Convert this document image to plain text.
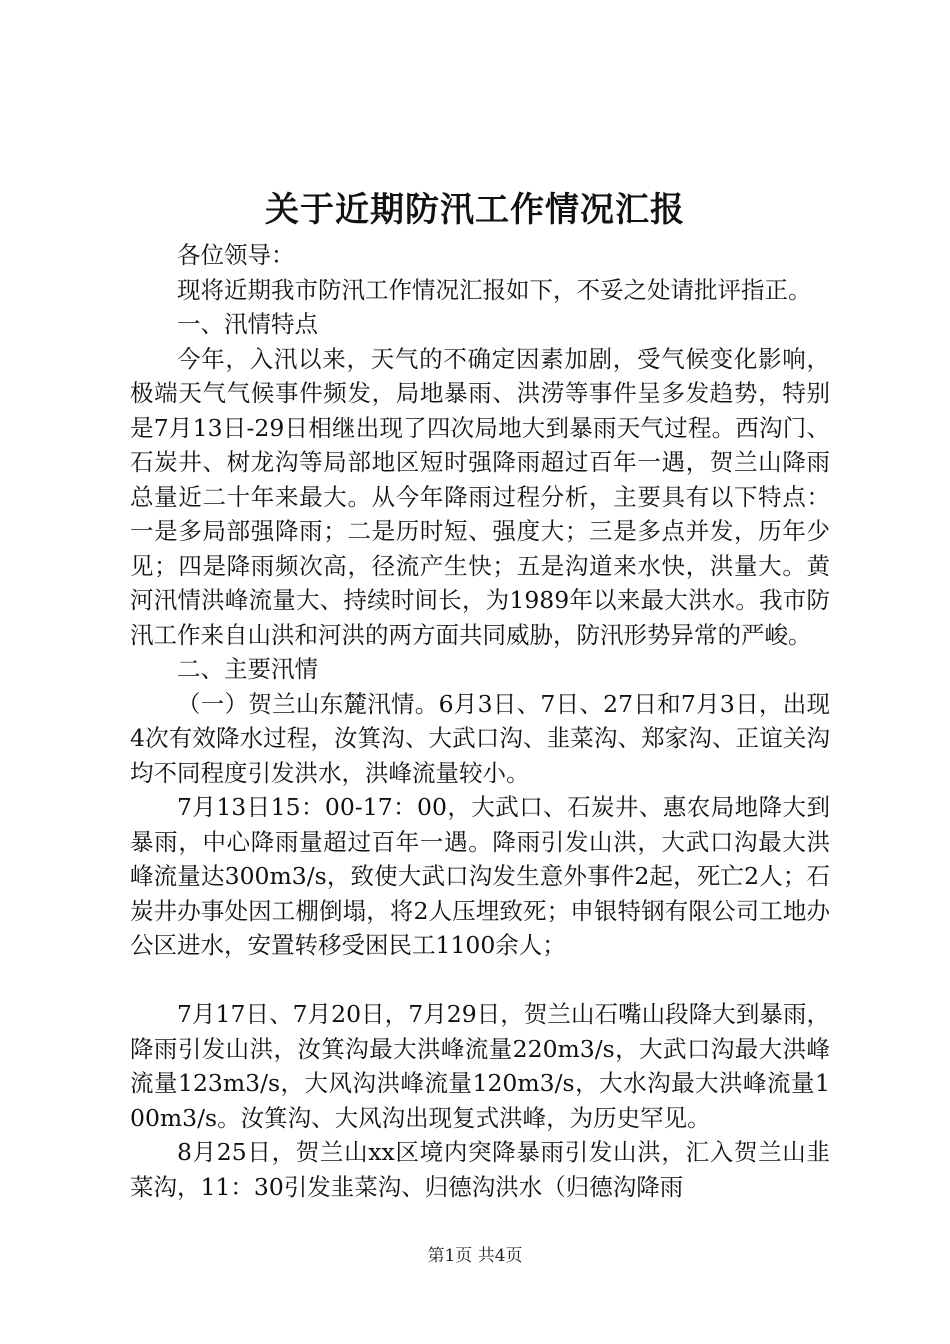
关于近期防汛工作情况汇报

各位领导：

现将近期我市防汛工作情况汇报如下，不妥之处请批评指正。

一、汛情特点

今年，入汛以来，天气的不确定因素加剧，受气候变化影响，极端天气气候事件频发，局地暴雨、洪涝等事件呈多发趋势，特别是7月13日-29日相继出现了四次局地大到暴雨天气过程。西沟门、石炭井、树龙沟等局部地区短时强降雨超过百年一遇，贺兰山降雨总量近二十年来最大。从今年降雨过程分析，主要具有以下特点：一是多局部强降雨；二是历时短、强度大；三是多点并发，历年少见；四是降雨频次高，径流产生快；五是沟道来水快，洪量大。黄河汛情洪峰流量大、持续时间长，为1989年以来最大洪水。我市防汛工作来自山洪和河洪的两方面共同威胁，防汛形势异常的严峻。

二、主要汛情

（一）贺兰山东麓汛情。6月3日、7日、27日和7月3日，出现4次有效降水过程，汝箕沟、大武口沟、韭菜沟、郑家沟、正谊关沟均不同程度引发洪水，洪峰流量较小。

7月13日15：00-17：00，大武口、石炭井、惠农局地降大到暴雨，中心降雨量超过百年一遇。降雨引发山洪，大武口沟最大洪峰流量达300m3/s，致使大武口沟发生意外事件2起，死亡2人；石炭井办事处因工棚倒塌，将2人压埋致死；申银特钢有限公司工地办公区进水，安置转移受困民工1100余人；

7月17日、7月20日，7月29日，贺兰山石嘴山段降大到暴雨，降雨引发山洪，汝箕沟最大洪峰流量220m3/s，大武口沟最大洪峰流量123m3/s，大风沟洪峰流量120m3/s，大水沟最大洪峰流量100m3/s。汝箕沟、大风沟出现复式洪峰，为历史罕见。

8月25日，贺兰山xx区境内突降暴雨引发山洪，汇入贺兰山韭菜沟，11：30引发韭菜沟、归德沟洪水（归德沟降雨

第1页 共4页
